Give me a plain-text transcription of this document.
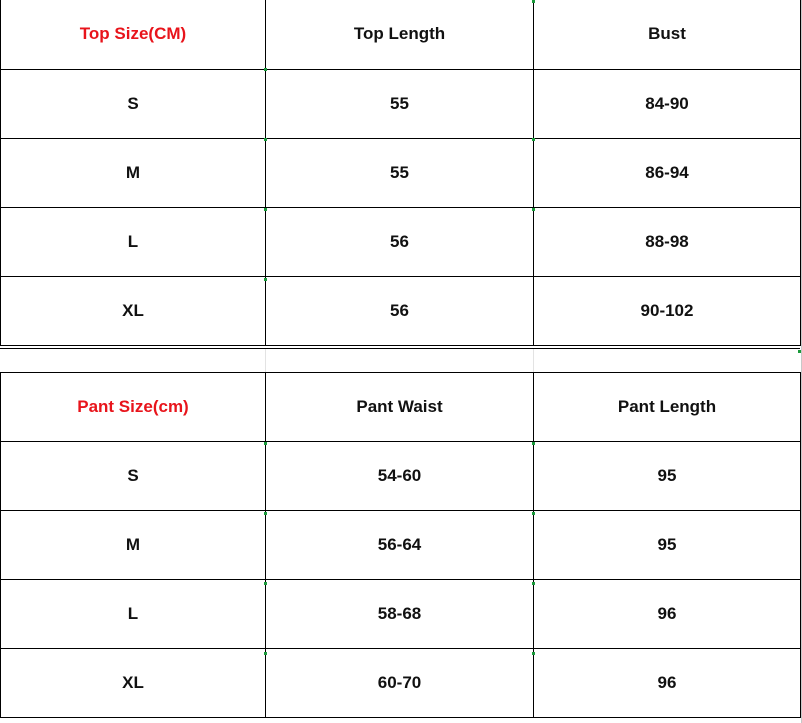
Top Size(CM)	Top Length	Bust
S	55	84-90
M	55	86-94
L	56	88-98
XL	56	90-102
Pant Size(cm)	Pant Waist	Pant Length
S	54-60	95
M	56-64	95
L	58-68	96
XL	60-70	96
